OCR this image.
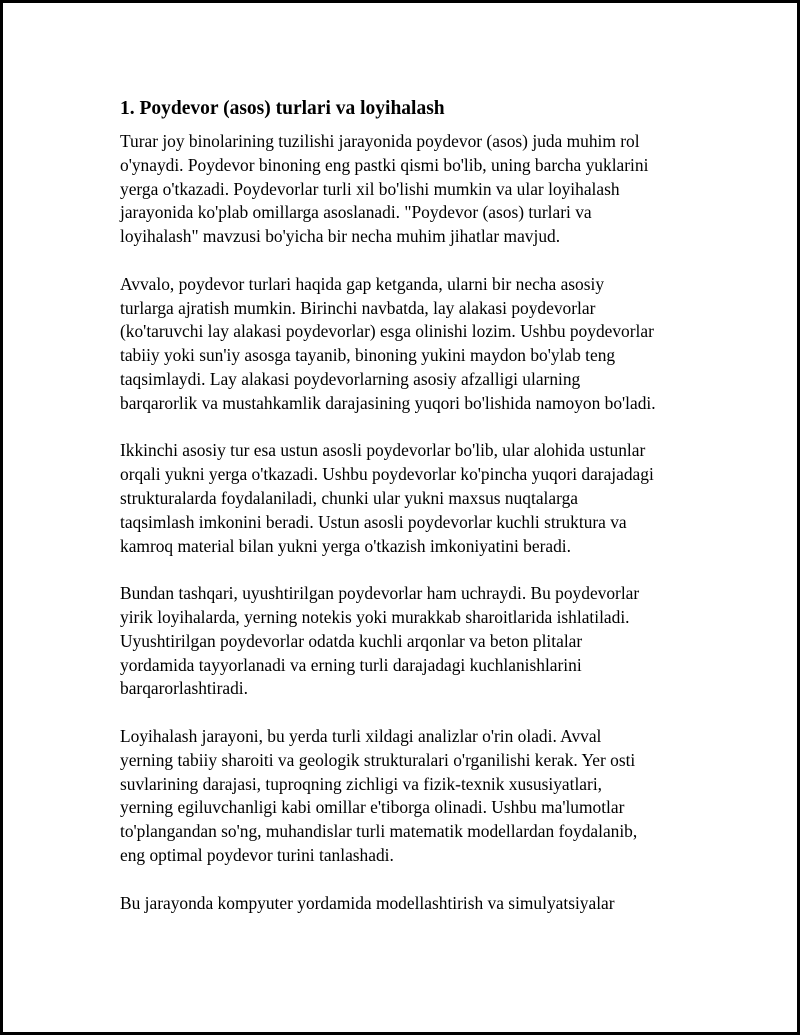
1. Poydevor (asos) turlari va loyihalash

Turar joy binolarining tuzilishi jarayonida poydevor (asos) juda muhim rol
o'ynaydi. Poydevor binoning eng pastki qismi bo'lib, uning barcha yuklarini
yerga o'tkazadi. Poydevorlar turli xil bo'lishi mumkin va ular loyihalash
jarayonida ko'plab omillarga asoslanadi. "Poydevor (asos) turlari va
loyihalash" mavzusi bo'yicha bir necha muhim jihatlar mavjud.

Avvalo, poydevor turlari haqida gap ketganda, ularni bir necha asosiy
turlarga ajratish mumkin. Birinchi navbatda, lay alakasi poydevorlar
(ko'taruvchi lay alakasi poydevorlar) esga olinishi lozim. Ushbu poydevorlar
tabiiy yoki sun'iy asosga tayanib, binoning yukini maydon bo'ylab teng
taqsimlaydi. Lay alakasi poydevorlarning asosiy afzalligi ularning
barqarorlik va mustahkamlik darajasining yuqori bo'lishida namoyon bo'ladi.

Ikkinchi asosiy tur esa ustun asosli poydevorlar bo'lib, ular alohida ustunlar
orqali yukni yerga o'tkazadi. Ushbu poydevorlar ko'pincha yuqori darajadagi
strukturalarda foydalaniladi, chunki ular yukni maxsus nuqtalarga
taqsimlash imkonini beradi. Ustun asosli poydevorlar kuchli struktura va
kamroq material bilan yukni yerga o'tkazish imkoniyatini beradi.

Bundan tashqari, uyushtirilgan poydevorlar ham uchraydi. Bu poydevorlar
yirik loyihalarda, yerning notekis yoki murakkab sharoitlarida ishlatiladi.
Uyushtirilgan poydevorlar odatda kuchli arqonlar va beton plitalar
yordamida tayyorlanadi va erning turli darajadagi kuchlanishlarini
barqarorlashtiradi.

Loyihalash jarayoni, bu yerda turli xildagi analizlar o'rin oladi. Avval
yerning tabiiy sharoiti va geologik strukturalari o'rganilishi kerak. Yer osti
suvlarining darajasi, tuproqning zichligi va fizik-texnik xususiyatlari,
yerning egiluvchanligi kabi omillar e'tiborga olinadi. Ushbu ma'lumotlar
to'plangandan so'ng, muhandislar turli matematik modellardan foydalanib,
eng optimal poydevor turini tanlashadi.

Bu jarayonda kompyuter yordamida modellashtirish va simulyatsiyalar
